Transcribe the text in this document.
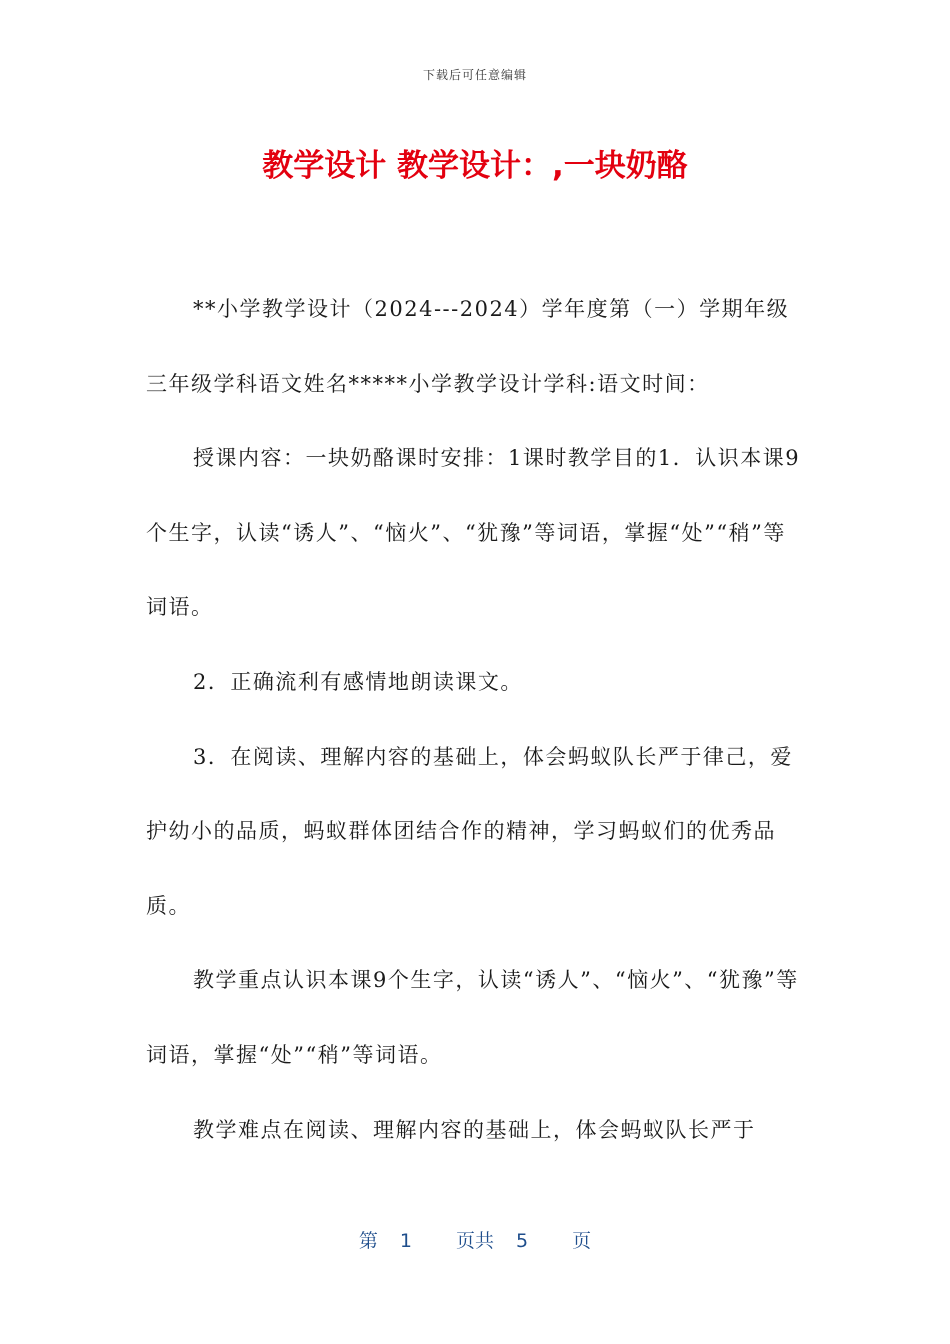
下载后可任意编辑
教学设计 教学设计：,一块奶酪

**小学教学设计（2024---2024）学年度第（一）学期年级三年级学科语文姓名*****小学教学设计学科:语文时间：

授课内容：一块奶酪课时安排：1课时教学目的1．认识本课9个生字，认读“诱人”、“恼火”、“犹豫”等词语，掌握“处”“稍”等词语。

2．正确流利有感情地朗读课文。

3．在阅读、理解内容的基础上，体会蚂蚁队长严于律己，爱护幼小的品质，蚂蚁群体团结合作的精神，学习蚂蚁们的优秀品质。

教学重点认识本课9个生字，认读“诱人”、“恼火”、“犹豫”等词语，掌握“处”“稍”等词语。

教学难点在阅读、理解内容的基础上，体会蚂蚁队长严于

第 1 页共 5 页
